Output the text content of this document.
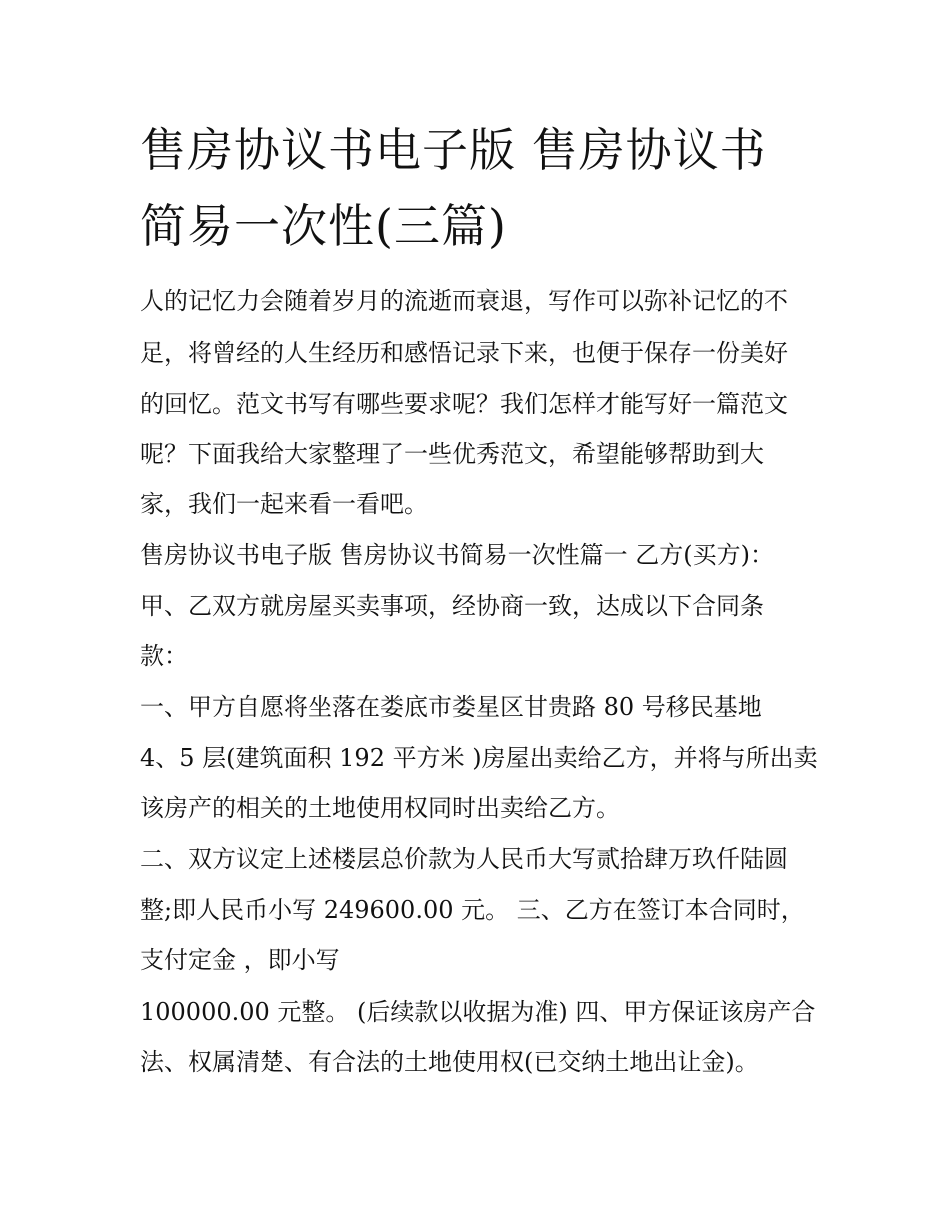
售房协议书电子版 售房协议书
简易一次性(三篇)

人的记忆力会随着岁月的流逝而衰退，写作可以弥补记忆的不

足，将曾经的人生经历和感悟记录下来，也便于保存一份美好

的回忆。范文书写有哪些要求呢？我们怎样才能写好一篇范文

呢？下面我给大家整理了一些优秀范文，希望能够帮助到大

家，我们一起来看一看吧。

售房协议书电子版 售房协议书简易一次性篇一 乙方(买方)：

甲、乙双方就房屋买卖事项，经协商一致，达成以下合同条

款：

一、甲方自愿将坐落在娄底市娄星区甘贵路 80 号移民基地

4、5 层(建筑面积 192 平方米 )房屋出卖给乙方，并将与所出卖

该房产的相关的土地使用权同时出卖给乙方。

二、双方议定上述楼层总价款为人民币大写贰拾肆万玖仟陆圆

整;即人民币小写 249600.00 元。 三、乙方在签订本合同时，

支付定金 ，即小写

100000.00 元整。 (后续款以收据为准) 四、甲方保证该房产合

法、权属清楚、有合法的土地使用权(已交纳土地出让金)。
